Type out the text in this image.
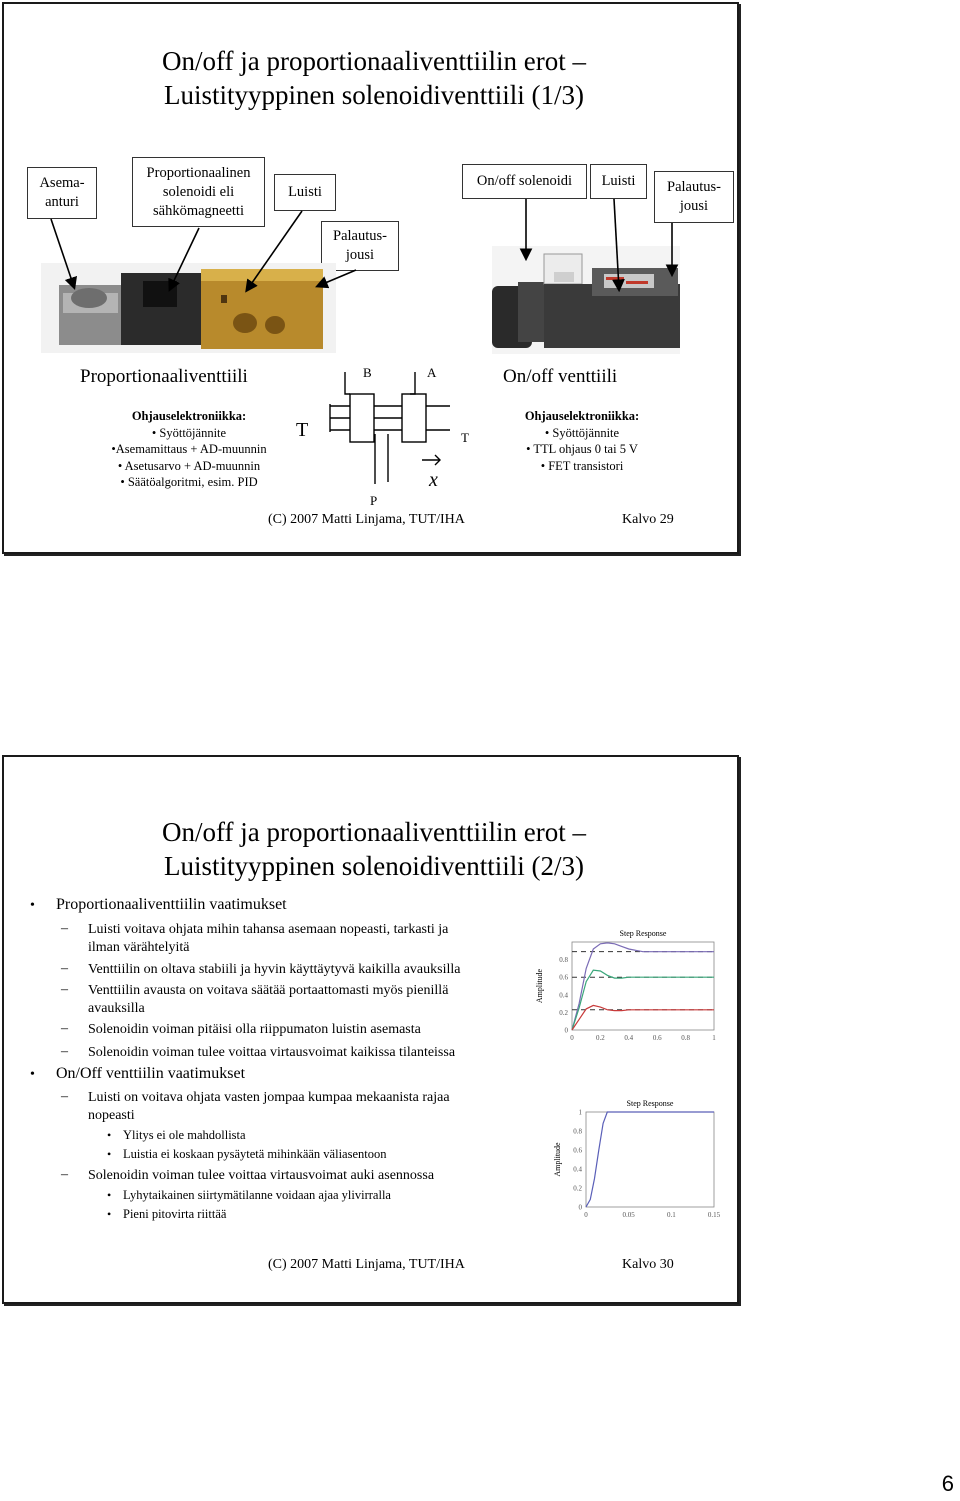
On/off ja proportionaaliventtiilin erot –
Luistityyppinen solenoidiventtiili (1/3)
Asema-
anturi
Proportionaalinen
solenoidi eli
sähkömagneetti
Luisti
Palautus-
jousi
On/off solenoidi Luisti Palautus-
jousi
Proportionaaliventtiili	On/off venttiili
B	A
T	T
P
x
Ohjauselektroniikka:
• Syöttöjännite
•Asemamittaus + AD-muunnin
• Asetusarvo + AD-muunnin
• Säätöalgoritmi, esim. PID
Ohjauselektroniikka:
• Syöttöjännite
• TTL ohjaus 0 tai 5 V
• FET transistori
(C) 2007 Matti Linjama, TUT/IHA	Kalvo 29
On/off ja proportionaaliventtiilin erot –
Luistityyppinen solenoidiventtiili (2/3)
• Proportionaaliventtiilin vaatimukset
– Luisti voitava ohjata mihin tahansa asemaan nopeasti, tarkasti ja
ilman värähtelyitä
– Venttiilin on oltava stabiili ja hyvin käyttäytyvä kaikilla avauksilla
– Venttiilin avausta on voitava säätää portaattomasti myös pienillä
avauksilla
– Solenoidin voiman pitäisi olla riippumaton luistin asemasta
– Solenoidin voiman tulee voittaa virtausvoimat kaikissa tilanteissa
• On/Off venttiilin vaatimukset
– Luisti on voitava ohjata vasten jompaa kumpaa mekaanista rajaa
nopeasti
• Ylitys ei ole mahdollista
• Luistia ei koskaan pysäytetä mihinkään väliasentoon
– Solenoidin voiman tulee voittaa virtausvoimat auki asennossa
• Lyhytaikainen siirtymätilanne voidaan ajaa ylivirralla
• Pieni pitovirta riittää
Step Response
Amplitude
0	0.2	0.4	0.6	0.8	1
0
0.2
0.4
0.6
0.8
Step Response
Amplitude
0	0.05	0.1	0.15
0
0.2
0.4
0.6
0.8
1
(C) 2007 Matti Linjama, TUT/IHA	Kalvo 30
6
